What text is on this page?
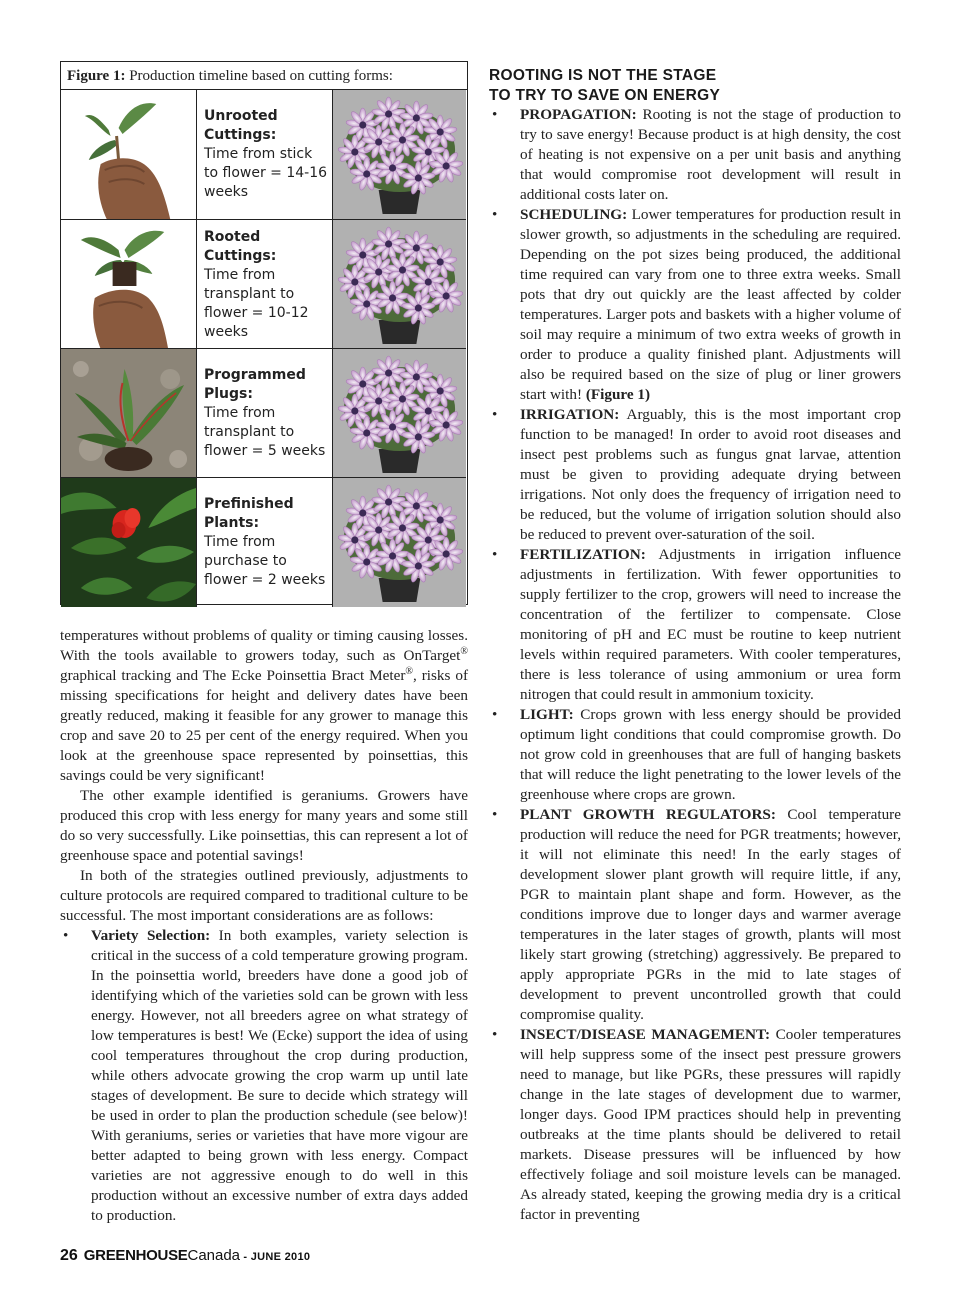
Figure 1: Production timeline based on cutting forms:
Unrooted
Cuttings:
Time from stick
to flower = 14-16
weeks
Rooted Cuttings:
Time from
transplant to
flower = 10-12
weeks
Programmed
Plugs:
Time from
transplant to
flower = 5 weeks
Prefinished Plants:
Time from
purchase to
flower = 2 weeks

temperatures without problems of quality or timing causing losses. With the tools available to growers today, such as OnTarget® graphical tracking and The Ecke Poinsettia Bract Meter®, risks of missing specifications for height and delivery dates have been greatly reduced, making it feasible for any grower to manage this crop and save 20 to 25 per cent of the energy required. When you look at the greenhouse space represented by poinsettias, this savings could be very significant!

The other example identified is geraniums. Growers have produced this crop with less energy for many years and some still do so very successfully. Like poinsettias, this can represent a lot of greenhouse space and potential savings!

In both of the strategies outlined previously, adjustments to culture protocols are required compared to traditional culture to be successful. The most important considerations are as follows:

• Variety Selection: In both examples, variety selection is critical in the success of a cold temperature growing program. In the poinsettia world, breeders have done a good job of identifying which of the varieties sold can be grown with less energy. However, not all breeders agree on what strategy of low temperatures is best! We (Ecke) support the idea of using cool temperatures throughout the crop during production, while others advocate growing the crop warm up until late stages of development. Be sure to decide which strategy will be used in order to plan the production schedule (see below)! With geraniums, series or varieties that have more vigour are better adapted to being grown with less energy. Compact varieties are not aggressive enough to do well in this production without an excessive number of extra days added to production.
ROOTING IS NOT THE STAGE
TO TRY TO SAVE ON ENERGY
• PROPAGATION: Rooting is not the stage of production to try to save energy! Because product is at high density, the cost of heating is not expensive on a per unit basis and anything that would compromise root development will result in additional costs later on.
• SCHEDULING: Lower temperatures for production result in slower growth, so adjustments in the scheduling are required. Depending on the pot sizes being produced, the additional time required can vary from one to three extra weeks. Small pots that dry out quickly are the least affected by colder temperatures. Larger pots and baskets with a higher volume of soil may require a minimum of two extra weeks of growth in order to produce a quality finished plant. Adjustments will also be required based on the size of plug or liner growers start with! (Figure 1)
• IRRIGATION: Arguably, this is the most important crop function to be managed! In order to avoid root diseases and insect pest problems such as fungus gnat larvae, attention must be given to providing adequate drying between irrigations. Not only does the frequency of irrigation need to be reduced, but the volume of irrigation solution should also be reduced to prevent over-saturation of the soil.
• FERTILIZATION: Adjustments in irrigation influence adjustments in fertilization. With fewer opportunities to supply fertilizer to the crop, growers will need to increase the concentration of the fertilizer to compensate. Close monitoring of pH and EC must be routine to keep nutrient levels within required parameters. With cooler temperatures, there is less tolerance of using ammonium or urea form nitrogen that could result in ammonium toxicity.
• LIGHT: Crops grown with less energy should be provided optimum light conditions that could compromise growth. Do not grow cold in greenhouses that are full of hanging baskets that will reduce the light penetrating to the lower levels of the greenhouse where crops are grown.
• PLANT GROWTH REGULATORS: Cool temperature production will reduce the need for PGR treatments; however, it will not eliminate this need! In the early stages of development slower plant growth will require little, if any, PGR to maintain plant shape and form. However, as the conditions improve due to longer days and warmer average temperatures in the later stages of growth, plants will most likely start growing (stretching) aggressively. Be prepared to apply appropriate PGRs in the mid to late stages of development to prevent uncontrolled growth that could compromise quality.
• INSECT/DISEASE MANAGEMENT: Cooler temperatures will help suppress some of the insect pest pressure growers need to manage, but like PGRs, these pressures will rapidly change in the late stages of development due to warmer, longer days. Good IPM practices should help in preventing outbreaks at the time plants should be delivered to retail markets. Disease pressures will be influenced by how effectively foliage and soil moisture levels can be managed. As already stated, keeping the growing media dry is a critical factor in preventing
26 GREENHOUSECanada - JUNE 2010
